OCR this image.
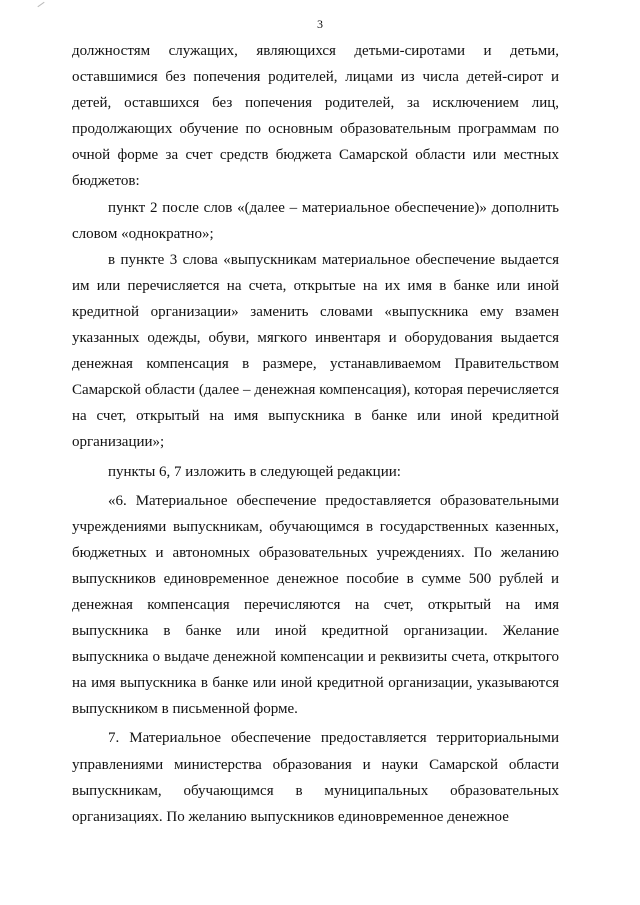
3

должностям служащих, являющихся детьми-сиротами и детьми, оставшимися без попечения родителей, лицами из числа детей-сирот и детей, оставшихся без попечения родителей, за исключением лиц, продолжающих обучение по основным образовательным программам по очной форме за счет средств бюджета Самарской области или местных бюджетов:

пункт 2 после слов «(далее – материальное обеспечение)» дополнить словом «однократно»;

в пункте 3 слова «выпускникам материальное обеспечение выдается им или перечисляется на счета, открытые на их имя в банке или иной кредитной организации» заменить словами «выпускника ему взамен указанных одежды, обуви, мягкого инвентаря и оборудования выдается денежная компенсация в размере, устанавливаемом Правительством Самарской области (далее – денежная компенсация), которая перечисляется на счет, открытый на имя выпускника в банке или иной кредитной организации»;

пункты 6, 7 изложить в следующей редакции:

«6. Материальное обеспечение предоставляется образовательными учреждениями выпускникам, обучающимся в государственных казенных, бюджетных и автономных образовательных учреждениях. По желанию выпускников единовременное денежное пособие в сумме 500 рублей и денежная компенсация перечисляются на счет, открытый на имя выпускника в банке или иной кредитной организации. Желание выпускника о выдаче денежной компенсации и реквизиты счета, открытого на имя выпускника в банке или иной кредитной организации, указываются выпускником в письменной форме.

7. Материальное обеспечение предоставляется территориальными управлениями министерства образования и науки Самарской области выпускникам, обучающимся в муниципальных образовательных организациях. По желанию выпускников единовременное денежное
